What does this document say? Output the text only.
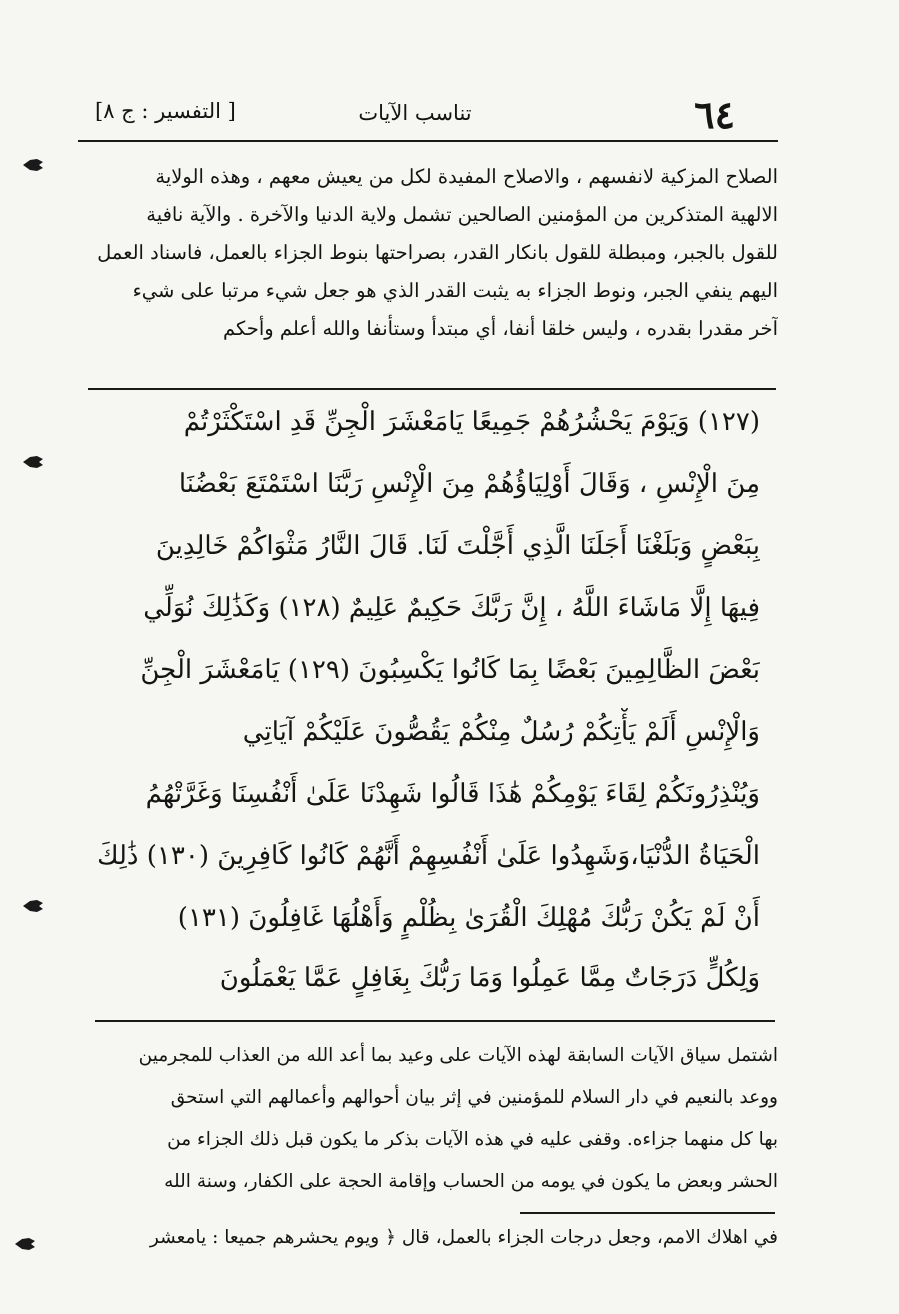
٦٤
تناسب الآيات
[ التفسير : ج ٨]
الصلاح المزكية لانفسهم ، والاصلاح المفيدة لكل من يعيش معهم ، وهذه الولاية
الالهية المتذكرين من المؤمنين الصالحين تشمل ولاية الدنيا والآخرة . والآية نافية
للقول بالجبر، ومبطلة للقول بانكار القدر، بصراحتها بنوط الجزاء بالعمل، فاسناد العمل
اليهم ينفي الجبر، ونوط الجزاء به يثبت القدر الذي هو جعل شيء مرتبا على شيء
آخر مقدرا بقدره ، وليس خلقا أنفا، أي مبتدأ وستأنفا والله أعلم وأحكم
(١٢٧) وَيَوْمَ يَحْشُرُهُمْ جَمِيعًا يَامَعْشَرَ الْجِنِّ قَدِ اسْتَكْثَرْتُمْ
مِنَ الْإِنْسِ ، وَقَالَ أَوْلِيَاؤُهُمْ مِنَ الْإِنْسِ رَبَّنَا اسْتَمْتَعَ بَعْضُنَا
بِبَعْضٍ وَبَلَغْنَا أَجَلَنَا الَّذِي أَجَّلْتَ لَنَا. قَالَ النَّارُ مَثْوَاكُمْ خَالِدِينَ
فِيهَا إِلَّا مَاشَاءَ اللَّهُ ، إِنَّ رَبَّكَ حَكِيمٌ عَلِيمٌ (١٢٨) وَكَذَٰلِكَ نُوَلِّي
بَعْضَ الظَّالِمِينَ بَعْضًا بِمَا كَانُوا يَكْسِبُونَ (١٢٩) يَامَعْشَرَ الْجِنِّ
وَالْإِنْسِ أَلَمْ يَأْتِكُمْ رُسُلٌ مِنْكُمْ يَقُصُّونَ عَلَيْكُمْ آيَاتِي
وَيُنْذِرُونَكُمْ لِقَاءَ يَوْمِكُمْ هَٰذَا قَالُوا شَهِدْنَا عَلَىٰ أَنْفُسِنَا وَغَرَّتْهُمُ
الْحَيَاةُ الدُّنْيَا،وَشَهِدُوا عَلَىٰ أَنْفُسِهِمْ أَنَّهُمْ كَانُوا كَافِرِينَ (١٣٠) ذَٰلِكَ
أَنْ لَمْ يَكُنْ رَبُّكَ مُهْلِكَ الْقُرَىٰ بِظُلْمٍ وَأَهْلُهَا غَافِلُونَ (١٣١)
وَلِكُلٍّ دَرَجَاتٌ مِمَّا عَمِلُوا وَمَا رَبُّكَ بِغَافِلٍ عَمَّا يَعْمَلُونَ
اشتمل سياق الآيات السابقة لهذه الآيات على وعيد بما أعد الله من العذاب للمجرمين
ووعد بالنعيم في دار السلام للمؤمنين في إثر بيان أحوالهم وأعمالهم التي استحق
بها كل منهما جزاءه. وقفى عليه في هذه الآيات بذكر ما يكون قبل ذلك الجزاء من
الحشر وبعض ما يكون في يومه من الحساب وإقامة الحجة على الكفار، وسنة الله
في اهلاك الامم، وجعل درجات الجزاء بالعمل، قال ﴿ ويوم يحشرهم جميعا : يامعشر
